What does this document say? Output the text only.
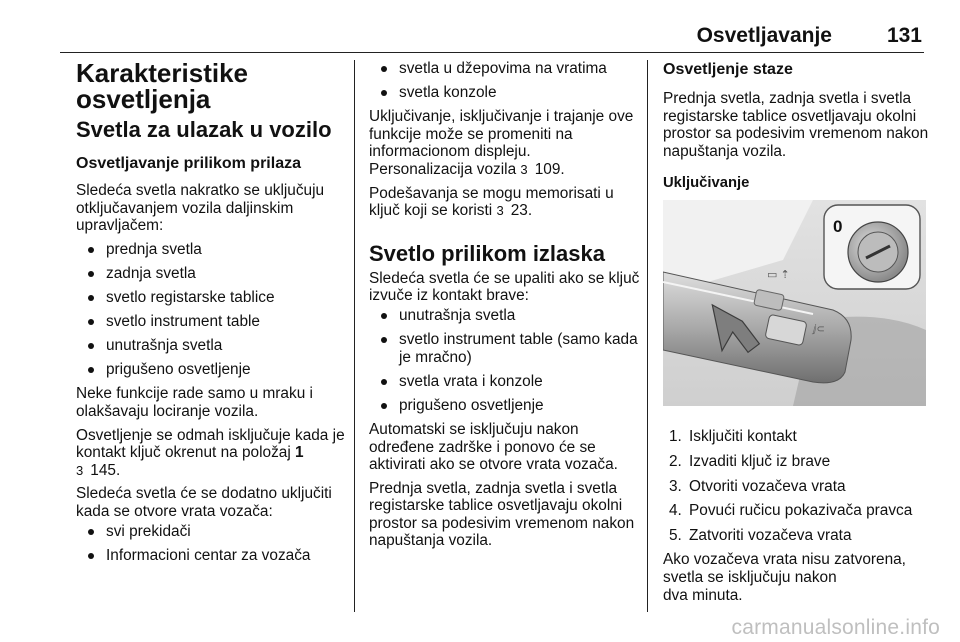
Osvetljavanje	131
Karakteristike
osvetljenja
Svetla za ulazak u vozilo
Osvetljavanje prilikom prilaza

Sledeća svetla nakratko se uključuju otključavanjem vozila daljinskim upravljačem:

prednja svetla
zadnja svetla
svetlo registarske tablice
svetlo instrument table
unutrašnja svetla
prigušeno osvetljenje

Neke funkcije rade samo u mraku i olakšavaju lociranje vozila.

Osvetljenje se odmah isključuje kada je kontakt ključ okrenut na položaj 1
3 145.

Sledeća svetla će se dodatno uključiti kada se otvore vrata vozača:

svi prekidači
Informacioni centar za vozača
svetla u džepovima na vratima
svetla konzole

Uključivanje, isključivanje i trajanje ove funkcije može se promeniti na informacionom displeju.
Personalizacija vozila 3 109.

Podešavanja se mogu memorisati u ključ koji se koristi 3 23.

Svetlo prilikom izlaska

Sledeća svetla će se upaliti ako se ključ izvuče iz kontakt brave:

unutrašnja svetla
svetlo instrument table (samo kada je mračno)
svetla vrata i konzole
prigušeno osvetljenje

Automatski se isključuju nakon određene zadrške i ponovo će se aktivirati ako se otvore vrata vozača.

Prednja svetla, zadnja svetla i svetla registarske tablice osvetljavaju okolni prostor sa podesivim vremenom nakon napuštanja vozila.

Osvetljenje staze

Prednja svetla, zadnja svetla i svetla registarske tablice osvetljavaju okolni prostor sa podesivim vremenom nakon napuštanja vozila.

Uključivanje
▭ ⇡
ⅉ⊂
0
1. Isključiti kontakt
2. Izvaditi ključ iz brave
3. Otvoriti vozačeva vrata
4. Povući ručicu pokazivača pravca
5. Zatvoriti vozačeva vrata

Ako vozačeva vrata nisu zatvorena, svetla se isključuju nakon
dva minuta.

carmanualsonline.info
